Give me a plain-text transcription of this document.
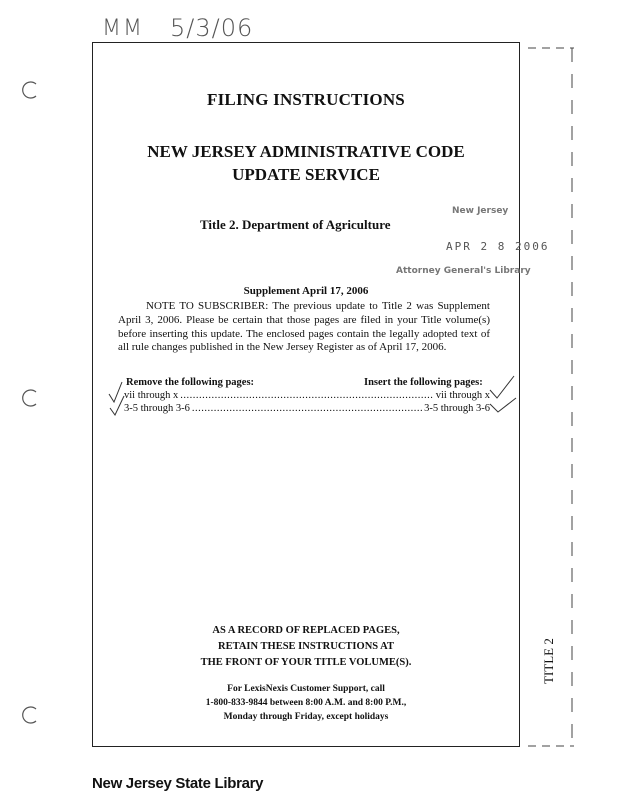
MM 5/3/06
FILING INSTRUCTIONS
NEW JERSEY ADMINISTRATIVE CODE
UPDATE SERVICE
Title 2. Department of Agriculture
New Jersey
APR 2 8 2006
Attorney General's Library
Supplement April 17, 2006
NOTE TO SUBSCRIBER: The previous update to Title 2 was Supplement April 3, 2006. Please be certain that those pages are filed in your Title volume(s) before inserting this update. The enclosed pages contain the legally adopted text of all rule changes published in the New Jersey Register as of April 17, 2006.
Remove the following pages:	Insert the following pages:
vii through x .....	vii through x
3-5 through 3-6 .....	3-5 through 3-6
AS A RECORD OF REPLACED PAGES,
RETAIN THESE INSTRUCTIONS AT
THE FRONT OF YOUR TITLE VOLUME(S).
For LexisNexis Customer Support, call
1-800-833-9844 between 8:00 A.M. and 8:00 P.M.,
Monday through Friday, except holidays
TITLE 2
New Jersey State Library
